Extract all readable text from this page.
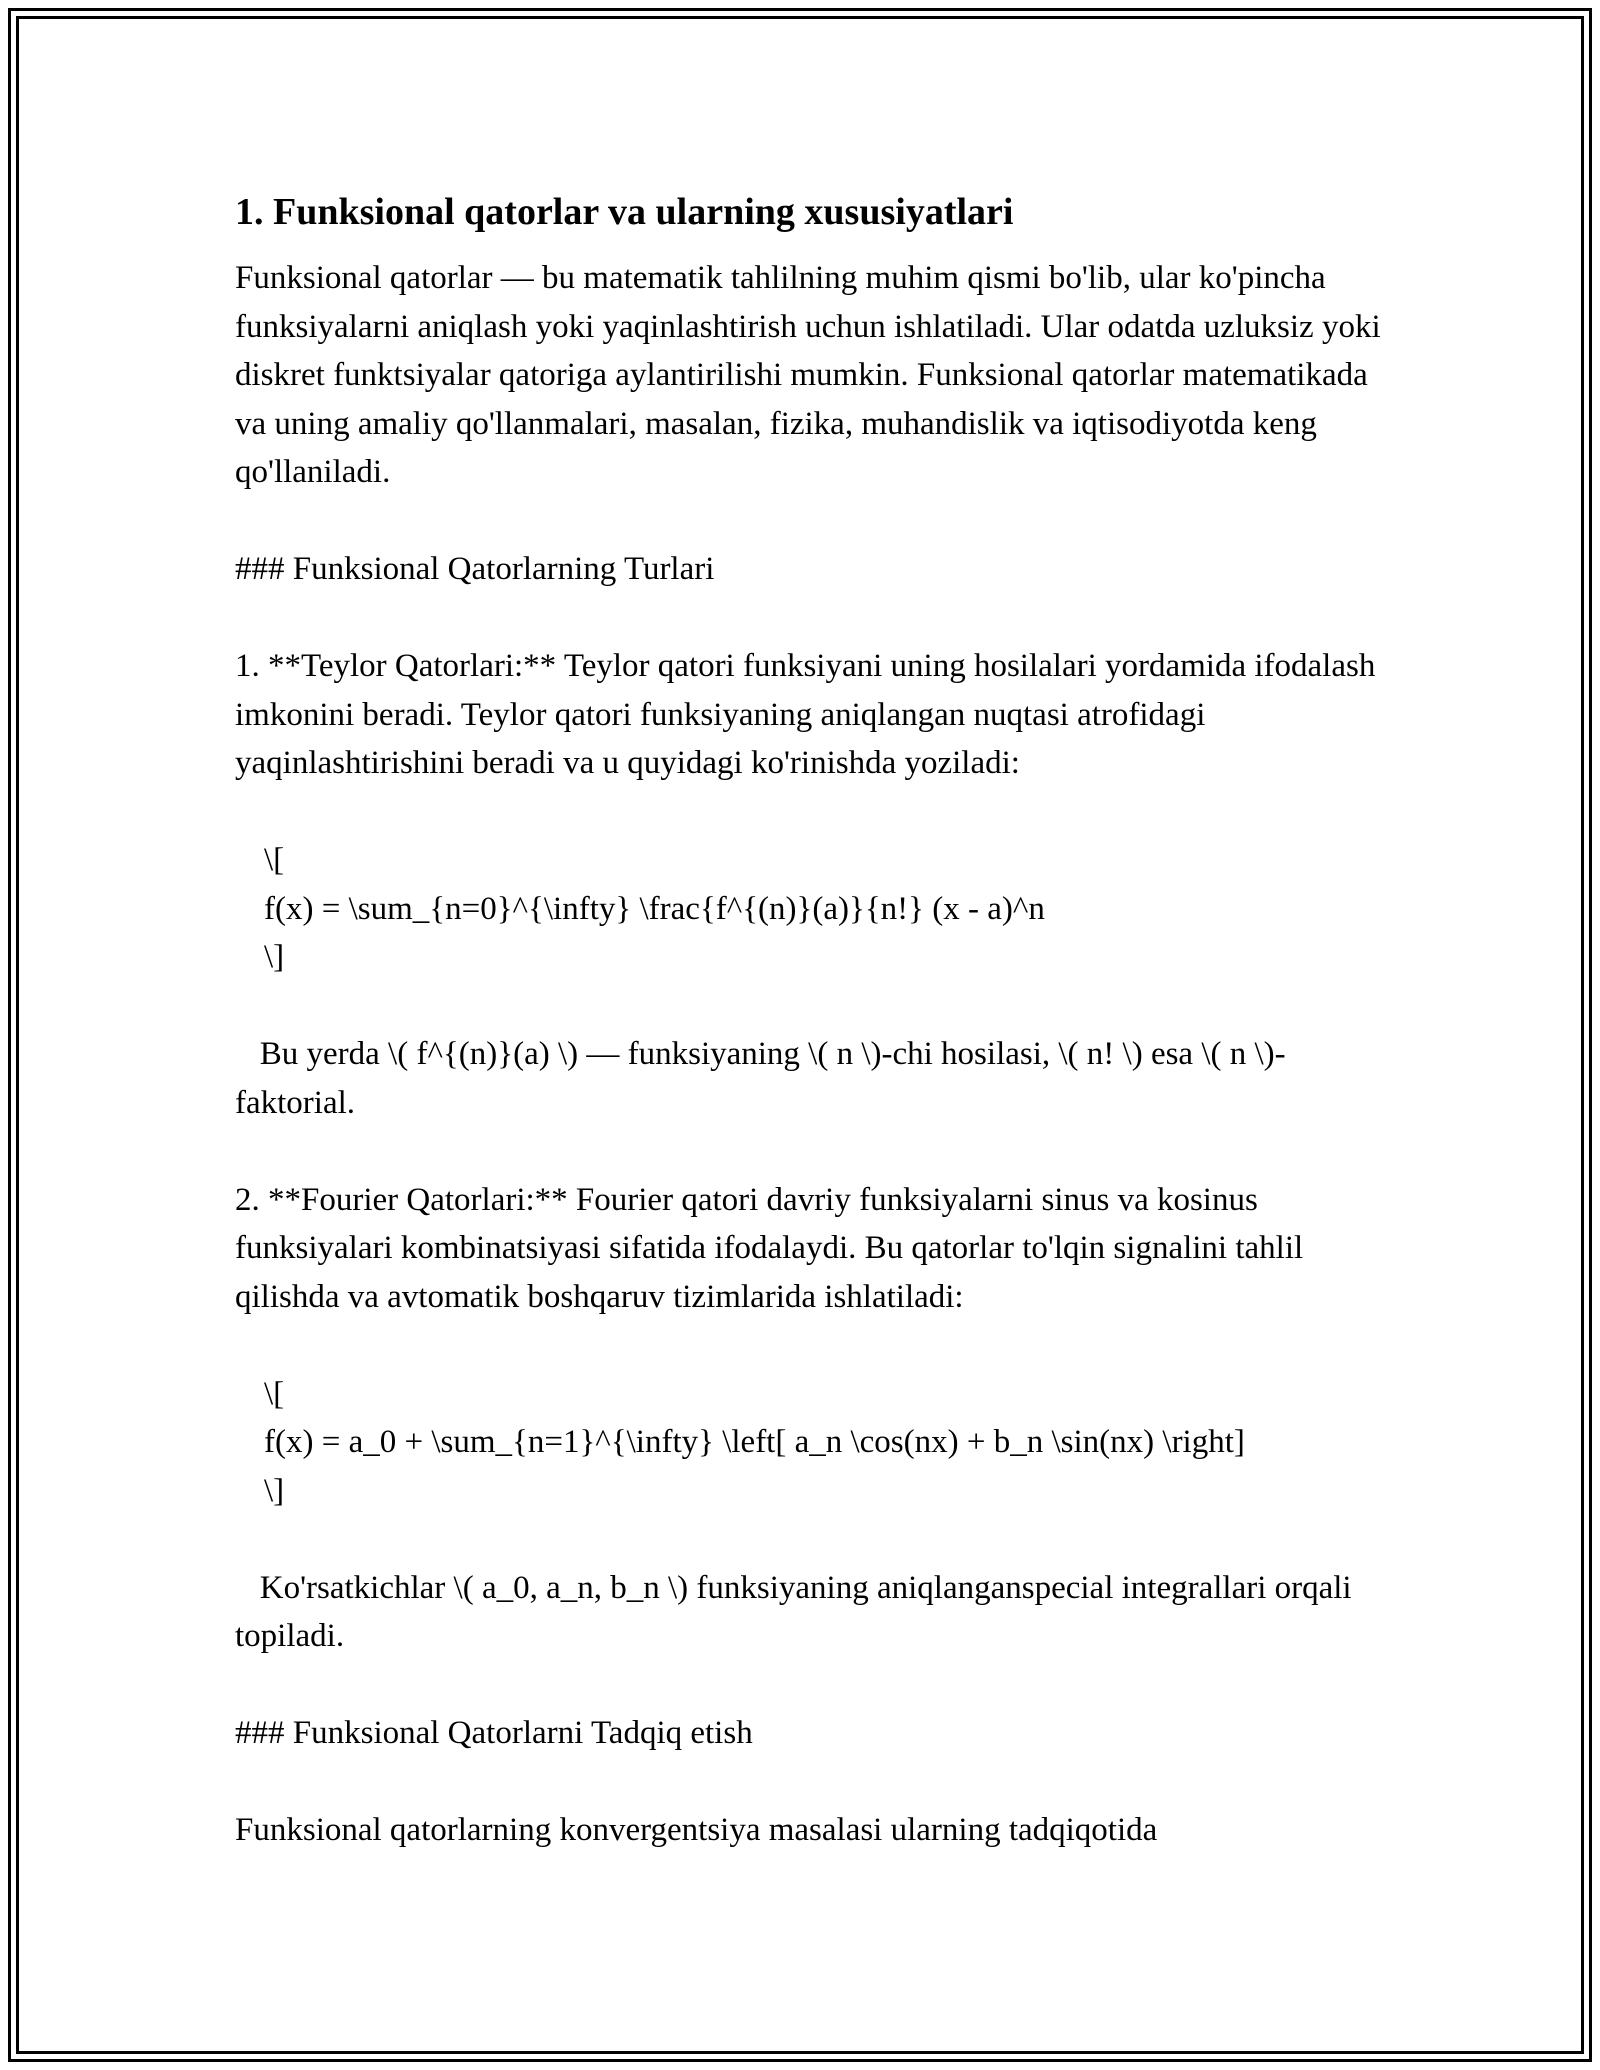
1. Funksional qatorlar va ularning xususiyatlari

Funksional qatorlar — bu matematik tahlilning muhim qismi bo'lib, ular ko'pincha funksiyalarni aniqlash yoki yaqinlashtirish uchun ishlatiladi. Ular odatda uzluksiz yoki diskret funktsiyalar qatoriga aylantirilishi mumkin. Funksional qatorlar matematikada va uning amaliy qo'llanmalari, masalan, fizika, muhandislik va iqtisodiyotda keng qo'llaniladi.

### Funksional Qatorlarning Turlari

1. **Teylor Qatorlari:** Teylor qatori funksiyani uning hosilalari yordamida ifodalash imkonini beradi. Teylor qatori funksiyaning aniqlangan nuqtasi atrofidagi yaqinlashtirishini beradi va u quyidagi ko'rinishda yoziladi:

\[

f(x) = \sum_{n=0}^{\infty} \frac{f^{(n)}(a)}{n!} (x - a)^n

\]

Bu yerda \( f^{(n)}(a) \) — funksiyaning \( n \)-chi hosilasi, \( n! \) esa \( n \)-faktorial.

2. **Fourier Qatorlari:** Fourier qatori davriy funksiyalarni sinus va kosinus funksiyalari kombinatsiyasi sifatida ifodalaydi. Bu qatorlar to'lqin signalini tahlil qilishda va avtomatik boshqaruv tizimlarida ishlatiladi:

\[

f(x) = a_0 + \sum_{n=1}^{\infty} \left[ a_n \cos(nx) + b_n \sin(nx) \right]

\]

Ko'rsatkichlar \( a_0, a_n, b_n \) funksiyaning aniqlanganspecial integrallari orqali topiladi.

### Funksional Qatorlarni Tadqiq etish

Funksional qatorlarning konvergentsiya masalasi ularning tadqiqotida
